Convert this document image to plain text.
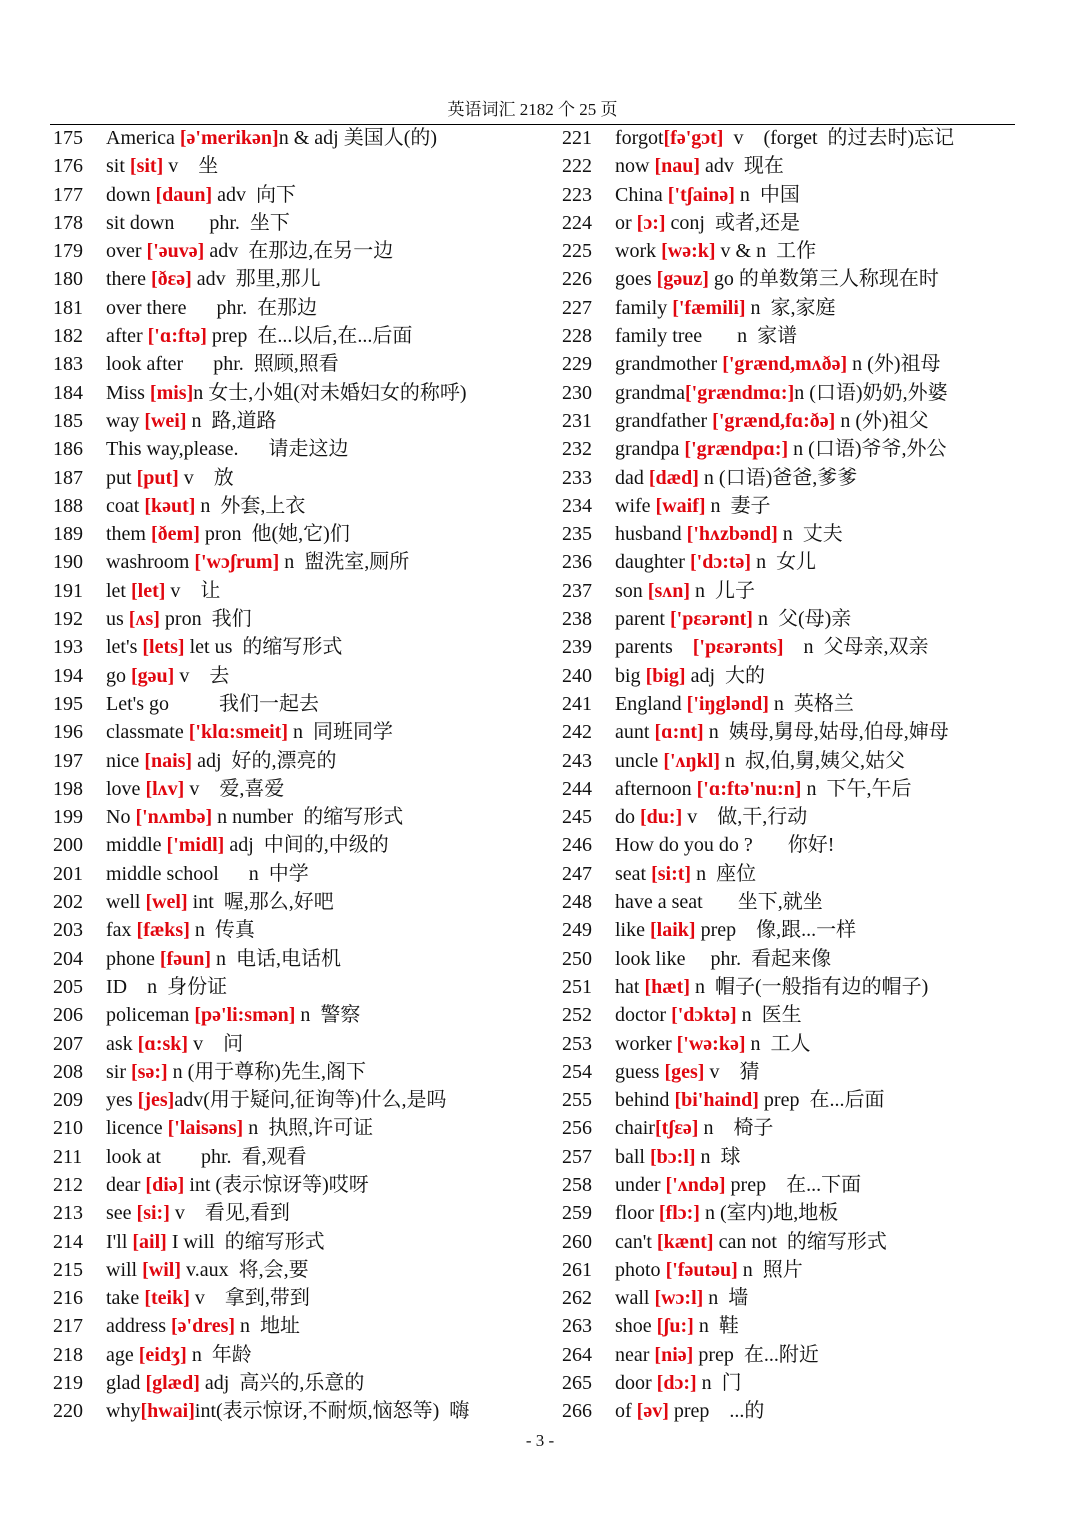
英语词汇 2182 个 25 页
175	America [ə'merikən]n & adj 美国人(的)
176	sit [sit] v    坐
177	down [daun] adv  向下
178	sit down       phr.  坐下
179	over ['əuvə] adv  在那边,在另一边
180	there [ðεə] adv  那里,那儿
181	over there      phr.  在那边
182	after ['ɑ:ftə] prep  在...以后,在...后面
183	look after      phr.  照顾,照看
184	Miss [mis]n 女士,小姐(对未婚妇女的称呼)
185	way [wei] n  路,道路
186	This way,please.      请走这边
187	put [put] v    放
188	coat [kəut] n  外套,上衣
189	them [ðem] pron  他(她,它)们
190	washroom ['wɔʃrum] n  盥洗室,厕所
191	let [let] v    让
192	us [ʌs] pron  我们
193	let's [lets] let us  的缩写形式
194	go [gəu] v    去
195	Let's go          我们一起去
196	classmate ['klɑ:smeit] n  同班同学
197	nice [nais] adj  好的,漂亮的
198	love [lʌv] v    爱,喜爱
199	No ['nʌmbə] n number  的缩写形式
200	middle ['midl] adj  中间的,中级的
201	middle school      n  中学
202	well [wel] int  喔,那么,好吧
203	fax [fæks] n  传真
204	phone [fəun] n  电话,电话机
205	ID    n  身份证
206	policeman [pə'li:smən] n  警察
207	ask [ɑ:sk] v    问
208	sir [sə:] n (用于尊称)先生,阁下
209	yes [jes]adv(用于疑问,征询等)什么,是吗
210	licence ['laisəns] n  执照,许可证
211	look at        phr.  看,观看
212	dear [diə] int (表示惊讶等)哎呀
213	see [si:] v    看见,看到
214	I'll [ail] I will  的缩写形式
215	will [wil] v.aux  将,会,要
216	take [teik] v    拿到,带到
217	address [ə'dres] n  地址
218	age [eidʒ] n  年龄
219	glad [glæd] adj  高兴的,乐意的
220	why[hwai]int(表示惊讶,不耐烦,恼怒等)  嗨
221	forgot[fə'gɔt]  v    (forget  的过去时)忘记
222	now [nau] adv  现在
223	China ['tʃainə] n  中国
224	or [ɔ:] conj  或者,还是
225	work [wə:k] v & n  工作
226	goes [gəuz] go 的单数第三人称现在时
227	family ['fæmili] n  家,家庭
228	family tree       n  家谱
229	grandmother ['grænd,mʌðə] n (外)祖母
230	grandma['grændmɑ:]n (口语)奶奶,外婆
231	grandfather ['grænd,fɑ:ðə] n (外)祖父
232	grandpa ['grændpɑ:] n (口语)爷爷,外公
233	dad [dæd] n (口语)爸爸,爹爹
234	wife [waif] n  妻子
235	husband ['hʌzbənd] n  丈夫
236	daughter ['dɔ:tə] n  女儿
237	son [sʌn] n  儿子
238	parent ['pεərənt] n  父(母)亲
239	parents    ['pεərənts]    n  父母亲,双亲
240	big [big] adj  大的
241	England ['iŋglənd] n  英格兰
242	aunt [ɑ:nt] n  姨母,舅母,姑母,伯母,婶母
243	uncle ['ʌŋkl] n  叔,伯,舅,姨父,姑父
244	afternoon ['ɑ:ftə'nu:n] n  下午,午后
245	do [du:] v    做,干,行动
246	How do you do ?       你好!
247	seat [si:t] n  座位
248	have a seat       坐下,就坐
249	like [laik] prep    像,跟...一样
250	look like     phr.  看起来像
251	hat [hæt] n  帽子(一般指有边的帽子)
252	doctor ['dɔktə] n  医生
253	worker ['wə:kə] n  工人
254	guess [ges] v    猜
255	behind [bi'haind] prep  在...后面
256	chair[tʃεə] n    椅子
257	ball [bɔ:l] n  球
258	under ['ʌndə] prep    在...下面
259	floor [flɔ:] n (室内)地,地板
260	can't [kænt] can not  的缩写形式
261	photo ['fəutəu] n  照片
262	wall [wɔ:l] n  墙
263	shoe [ʃu:] n  鞋
264	near [niə] prep  在...附近
265	door [dɔ:] n  门
266	of [əv] prep    ...的
- 3 -
